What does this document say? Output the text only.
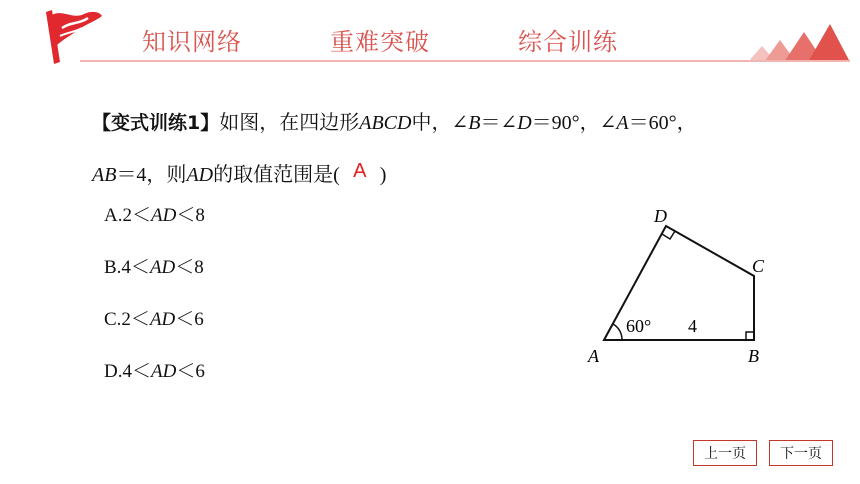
知识网络	重难突破	综合训练
【变式训练1】如图，在四边形ABCD中，∠B＝∠D＝90°，∠A＝60°，
AB＝4，则AD的取值范围是( A )
A.2＜AD＜8
B.4＜AD＜8
C.2＜AD＜6
D.4＜AD＜6
A	B
C
D
60° 4
上一页	下一页
